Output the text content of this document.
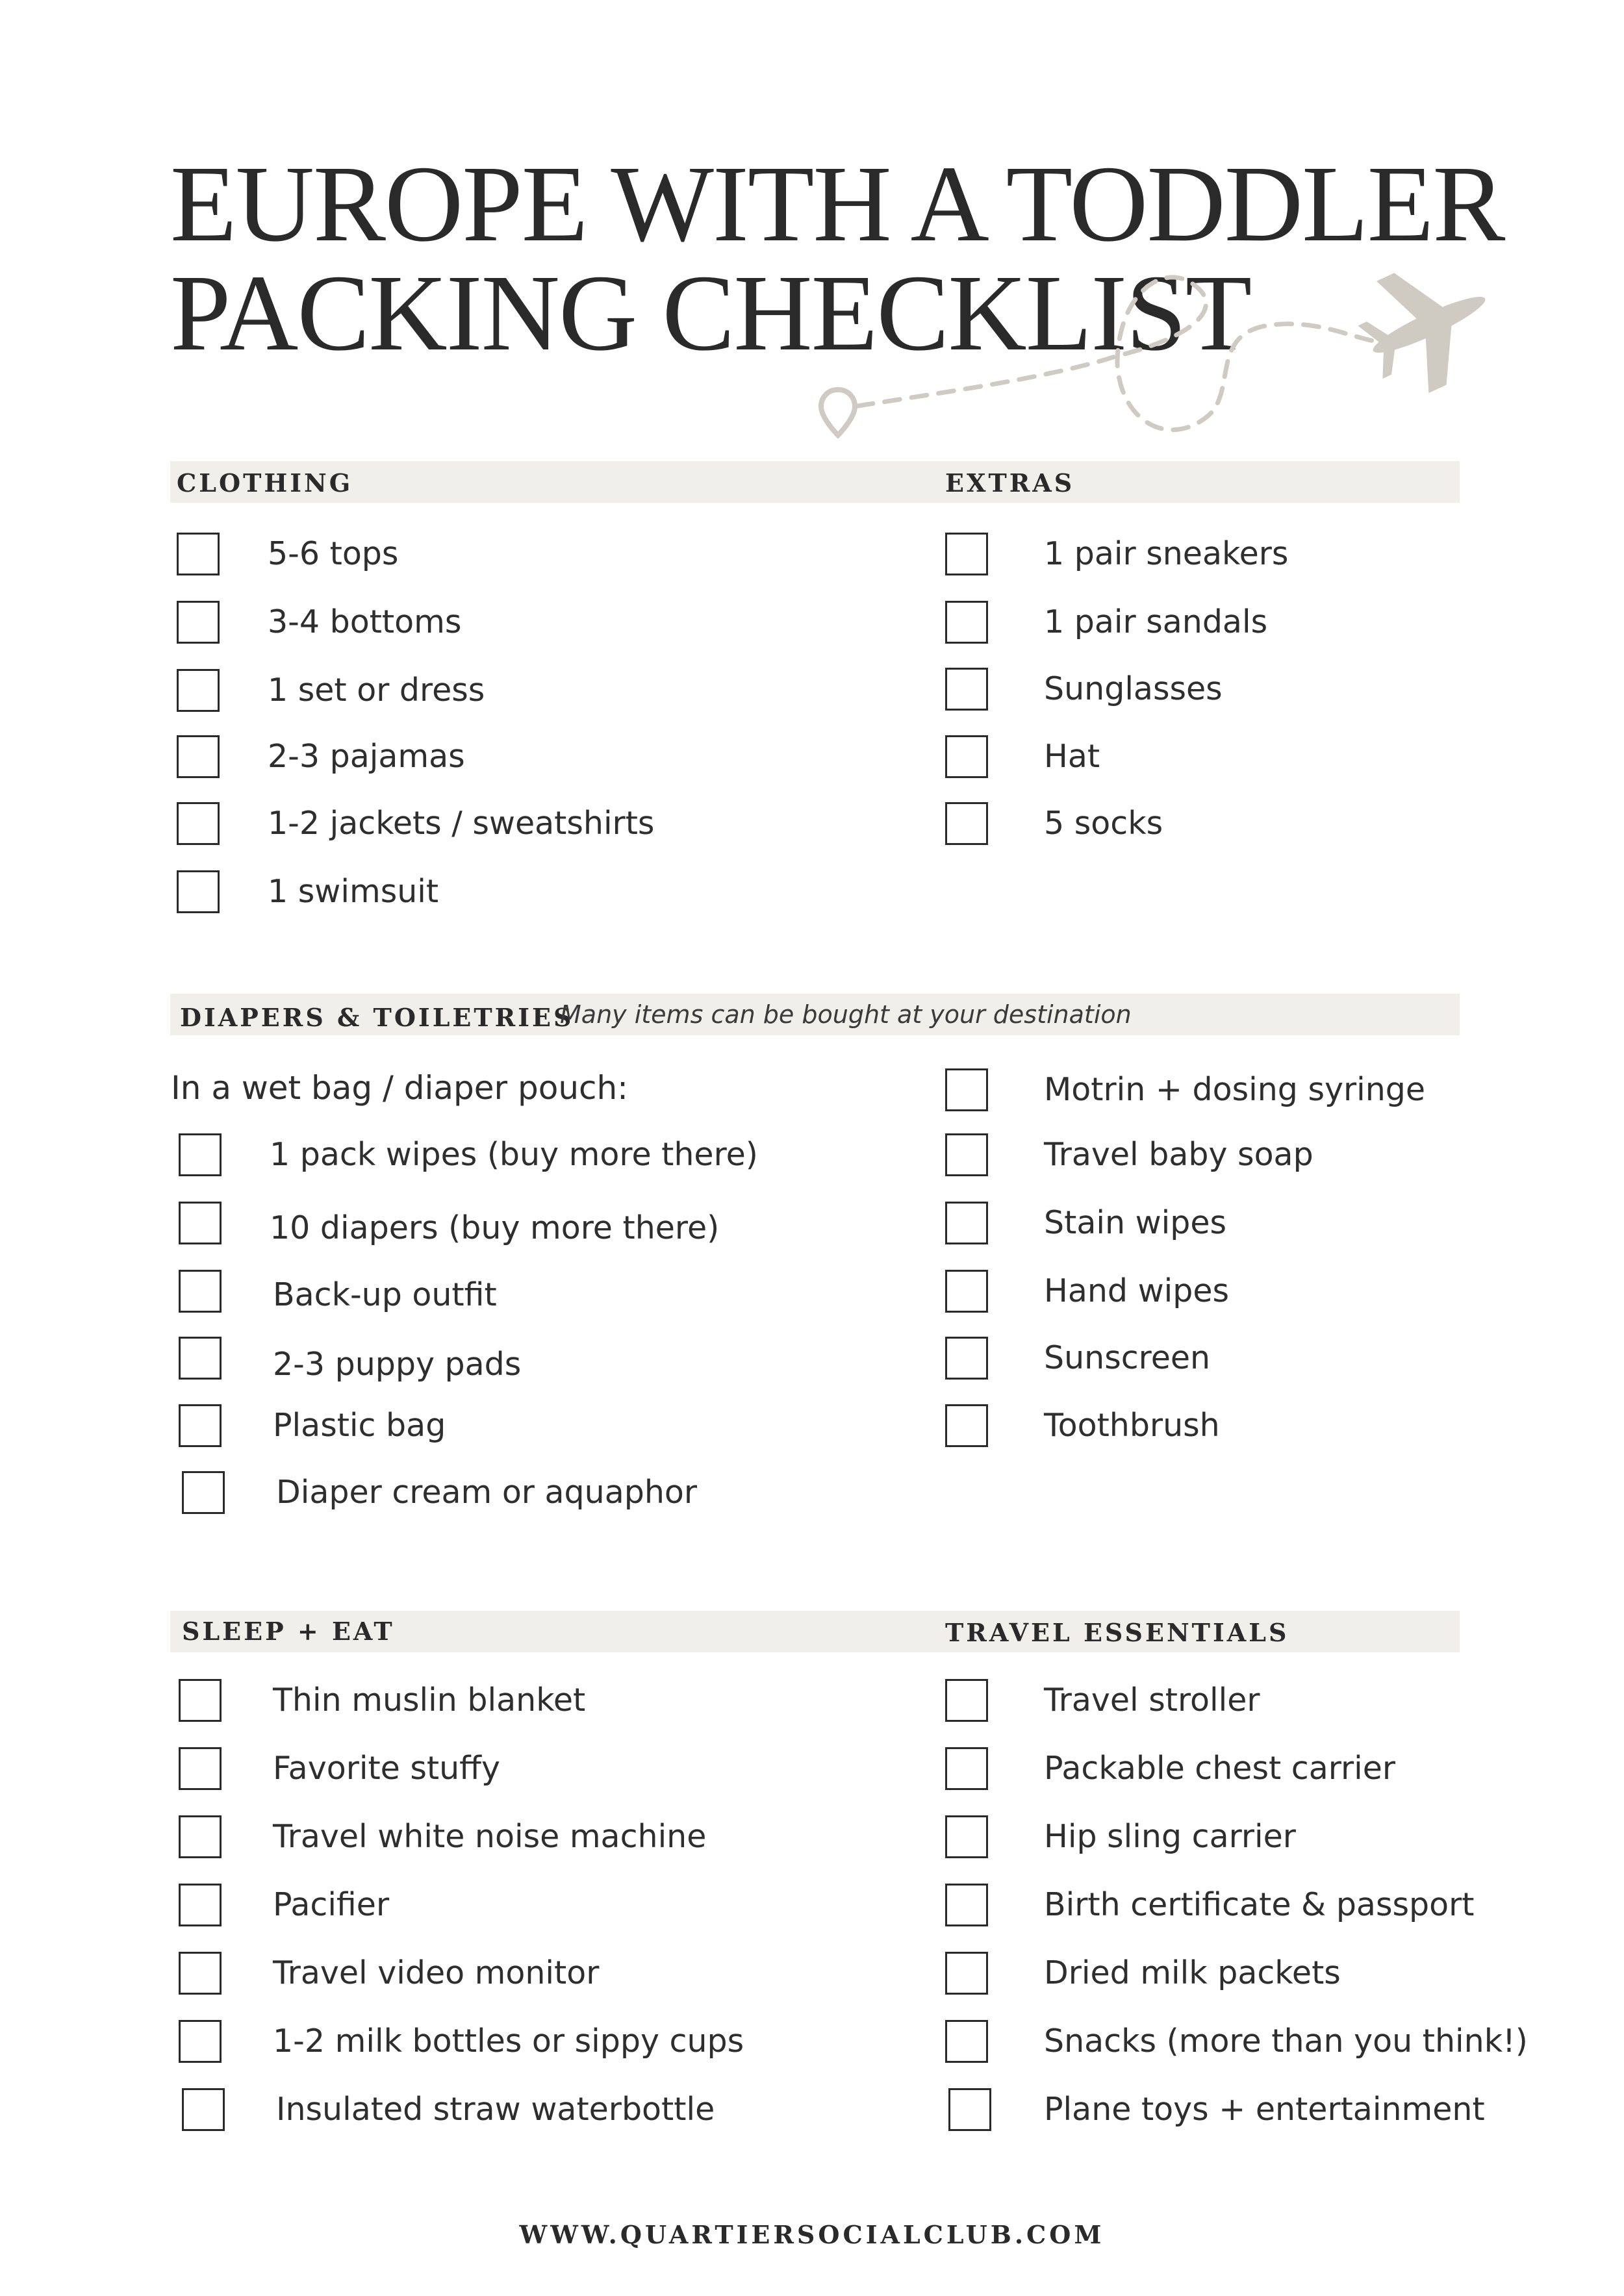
EUROPE WITH A TODDLER
PACKING CHECKLIST
CLOTHING	EXTRAS
5-6 tops
3-4 bottoms
1 set or dress
2-3 pajamas
1-2 jackets / sweatshirts
1 swimsuit
1 pair sneakers
1 pair sandals
Sunglasses
Hat
5 socks
DIAPERS & TOILETRIES
Many items can be bought at your destination
In a wet bag / diaper pouch:
1 pack wipes (buy more there)
10 diapers (buy more there)
Back-up outfit
2-3 puppy pads
Plastic bag
Diaper cream or aquaphor
Motrin + dosing syringe
Travel baby soap
Stain wipes
Hand wipes
Sunscreen
Toothbrush
SLEEP + EAT	TRAVEL ESSENTIALS
Thin muslin blanket
Favorite stuffy
Travel white noise machine
Pacifier
Travel video monitor
1-2 milk bottles or sippy cups
Insulated straw waterbottle
Travel stroller
Packable chest carrier
Hip sling carrier
Birth certificate & passport
Dried milk packets
Snacks (more than you think!)
Plane toys + entertainment
WWW.QUARTIERSOCIALCLUB.COM
